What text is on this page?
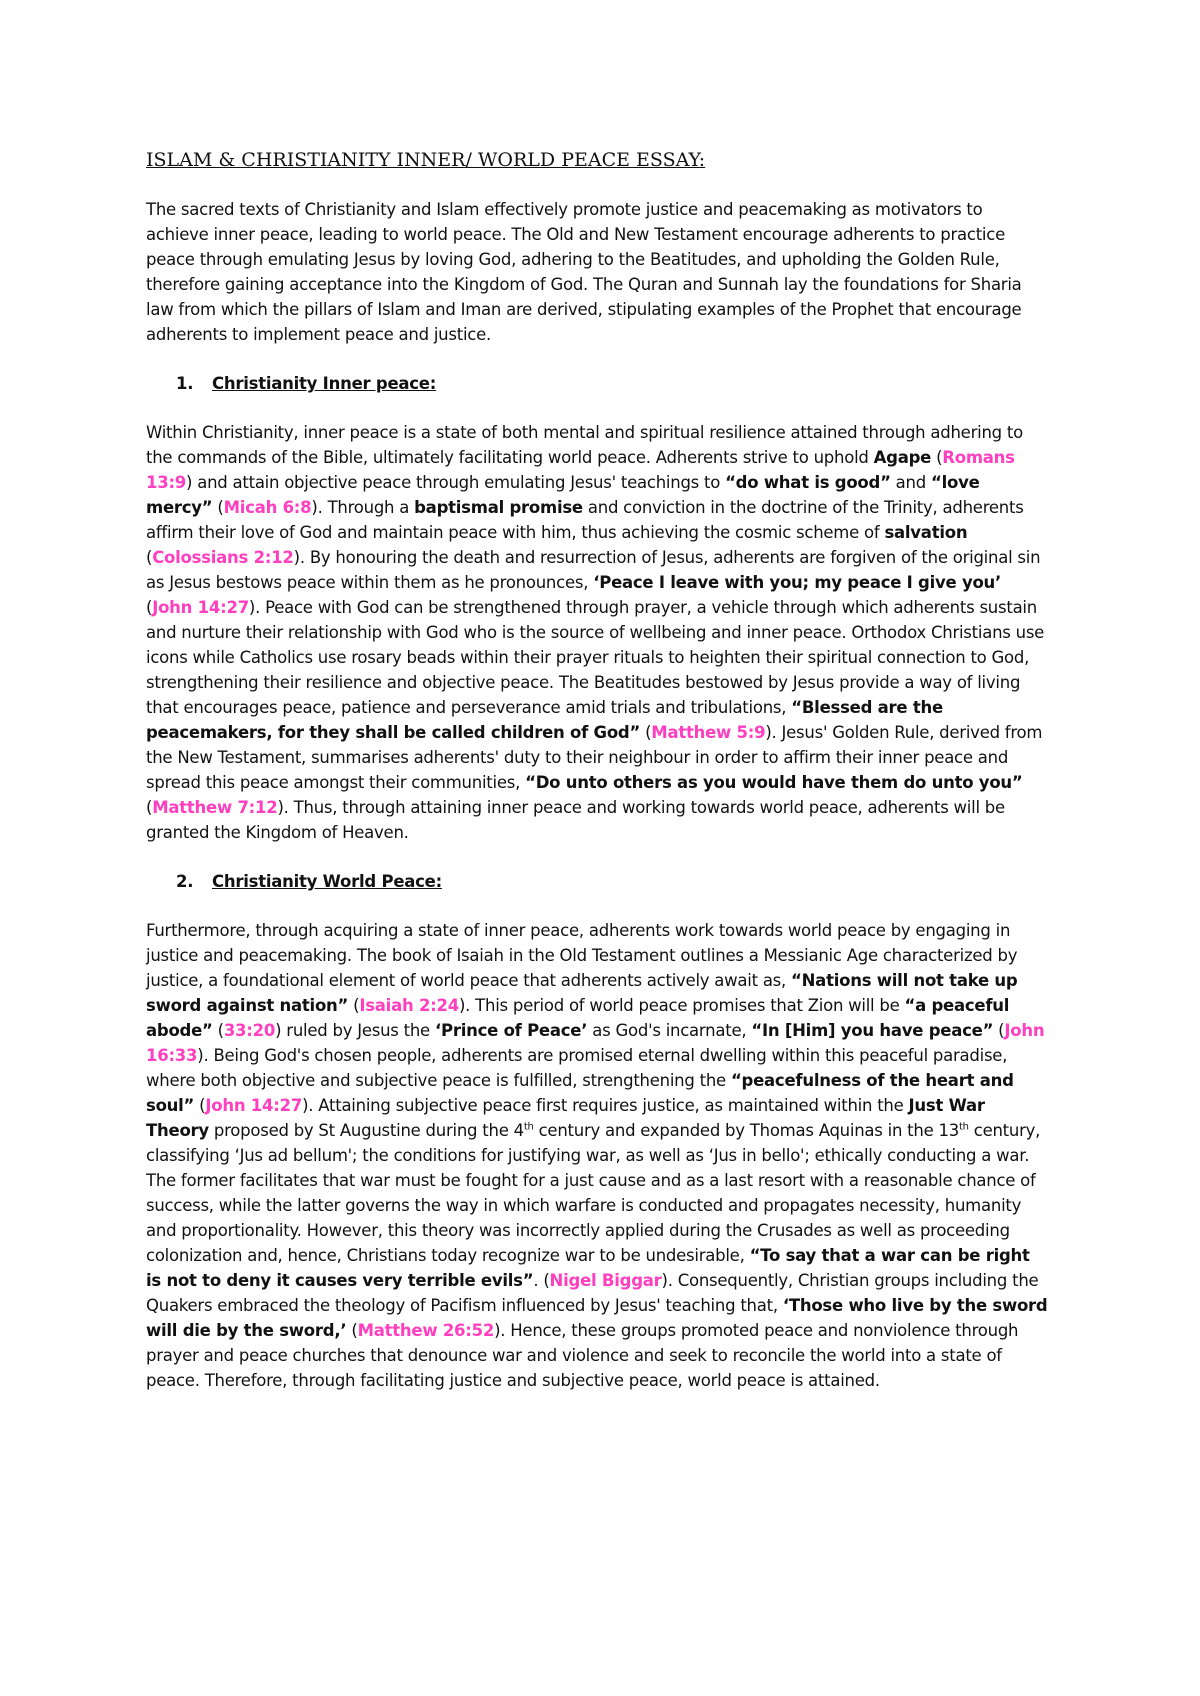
ISLAM & CHRISTIANITY INNER/ WORLD PEACE ESSAY:

The sacred texts of Christianity and Islam effectively promote justice and peacemaking as motivators to achieve inner peace, leading to world peace. The Old and New Testament encourage adherents to practice peace through emulating Jesus by loving God, adhering to the Beatitudes, and upholding the Golden Rule, therefore gaining acceptance into the Kingdom of God. The Quran and Sunnah lay the foundations for Sharia law from which the pillars of Islam and Iman are derived, stipulating examples of the Prophet that encourage adherents to implement peace and justice.

1. Christianity Inner peace:

Within Christianity, inner peace is a state of both mental and spiritual resilience attained through adhering to the commands of the Bible, ultimately facilitating world peace. Adherents strive to uphold Agape (Romans 13:9) and attain objective peace through emulating Jesus' teachings to “do what is good” and “love mercy” (Micah 6:8). Through a baptismal promise and conviction in the doctrine of the Trinity, adherents affirm their love of God and maintain peace with him, thus achieving the cosmic scheme of salvation (Colossians 2:12). By honouring the death and resurrection of Jesus, adherents are forgiven of the original sin as Jesus bestows peace within them as he pronounces, ‘Peace I leave with you; my peace I give you’ (John 14:27). Peace with God can be strengthened through prayer, a vehicle through which adherents sustain and nurture their relationship with God who is the source of wellbeing and inner peace. Orthodox Christians use icons while Catholics use rosary beads within their prayer rituals to heighten their spiritual connection to God, strengthening their resilience and objective peace. The Beatitudes bestowed by Jesus provide a way of living that encourages peace, patience and perseverance amid trials and tribulations, “Blessed are the peacemakers, for they shall be called children of God” (Matthew 5:9). Jesus' Golden Rule, derived from the New Testament, summarises adherents' duty to their neighbour in order to affirm their inner peace and spread this peace amongst their communities, “Do unto others as you would have them do unto you” (Matthew 7:12). Thus, through attaining inner peace and working towards world peace, adherents will be granted the Kingdom of Heaven.

2. Christianity World Peace:

Furthermore, through acquiring a state of inner peace, adherents work towards world peace by engaging in justice and peacemaking. The book of Isaiah in the Old Testament outlines a Messianic Age characterized by justice, a foundational element of world peace that adherents actively await as, “Nations will not take up sword against nation” (Isaiah 2:24). This period of world peace promises that Zion will be “a peaceful abode” (33:20) ruled by Jesus the ‘Prince of Peace’ as God's incarnate, “In [Him] you have peace” (John 16:33). Being God's chosen people, adherents are promised eternal dwelling within this peaceful paradise, where both objective and subjective peace is fulfilled, strengthening the “peacefulness of the heart and soul” (John 14:27). Attaining subjective peace first requires justice, as maintained within the Just War Theory proposed by St Augustine during the 4th century and expanded by Thomas Aquinas in the 13th century, classifying ‘Jus ad bellum'; the conditions for justifying war, as well as ‘Jus in bello'; ethically conducting a war. The former facilitates that war must be fought for a just cause and as a last resort with a reasonable chance of success, while the latter governs the way in which warfare is conducted and propagates necessity, humanity and proportionality. However, this theory was incorrectly applied during the Crusades as well as proceeding colonization and, hence, Christians today recognize war to be undesirable, “To say that a war can be right is not to deny it causes very terrible evils”. (Nigel Biggar). Consequently, Christian groups including the Quakers embraced the theology of Pacifism influenced by Jesus' teaching that, ‘Those who live by the sword will die by the sword,’ (Matthew 26:52). Hence, these groups promoted peace and nonviolence through prayer and peace churches that denounce war and violence and seek to reconcile the world into a state of peace. Therefore, through facilitating justice and subjective peace, world peace is attained.
